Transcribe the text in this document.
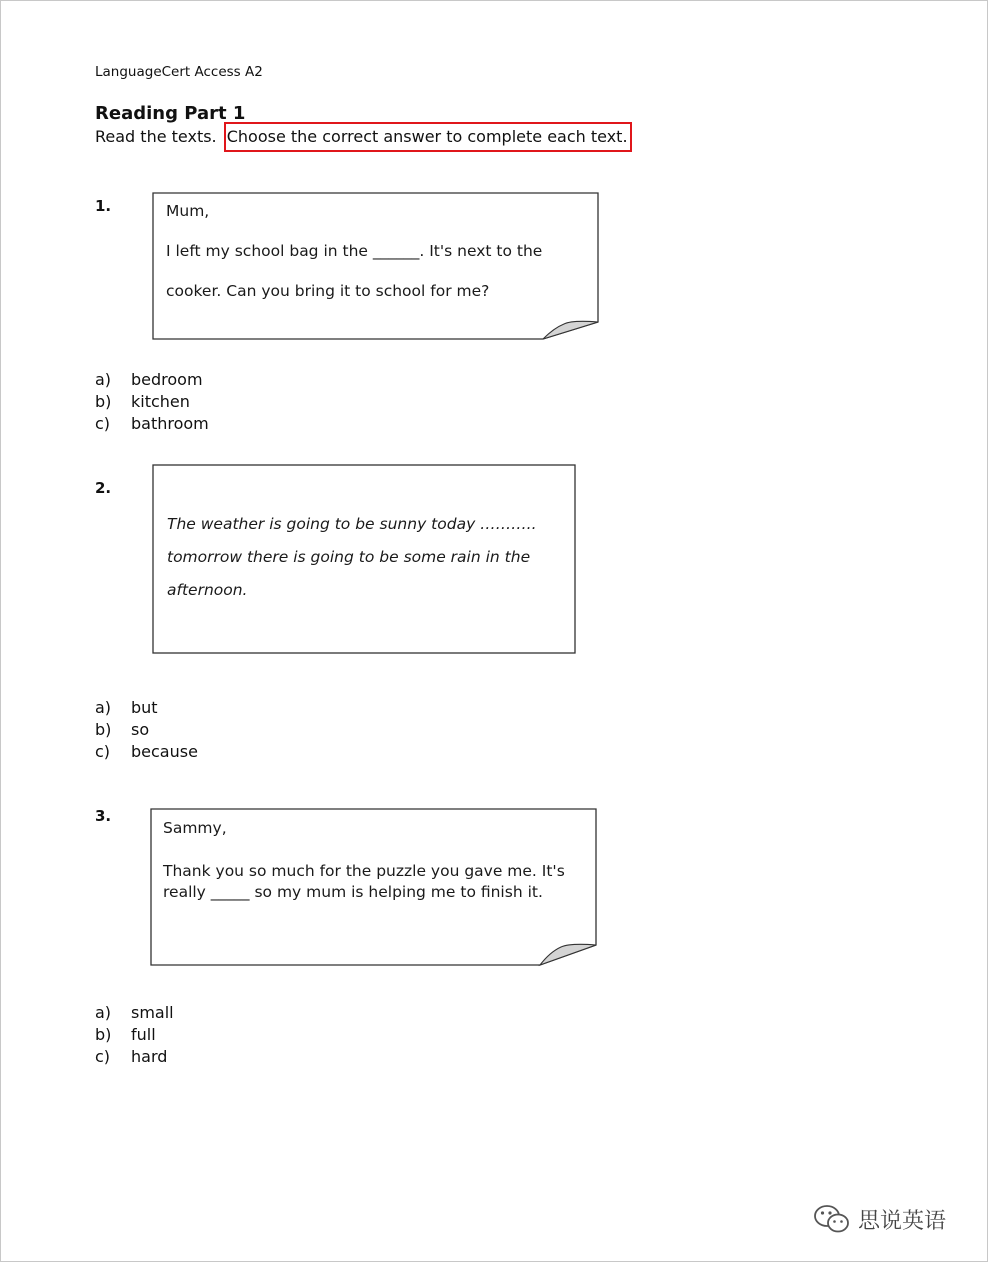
LanguageCert Access A2
Reading Part 1
Read the texts. Choose the correct answer to complete each text.
1.	Mum,

I left my school bag in the ______. It's next to the

cooker. Can you bring it to school for me?

a)	bedroom
b)	kitchen
c)	bathroom
2.

The weather is going to be sunny today ………..

tomorrow there is going to be some rain in the

afternoon.

a)	but
b)	so
c)	because
3.

Sammy,

Thank you so much for the puzzle you gave me. It's

really _____ so my mum is helping me to finish it.

a)	small
b)	full
c)	hard
思说英语
